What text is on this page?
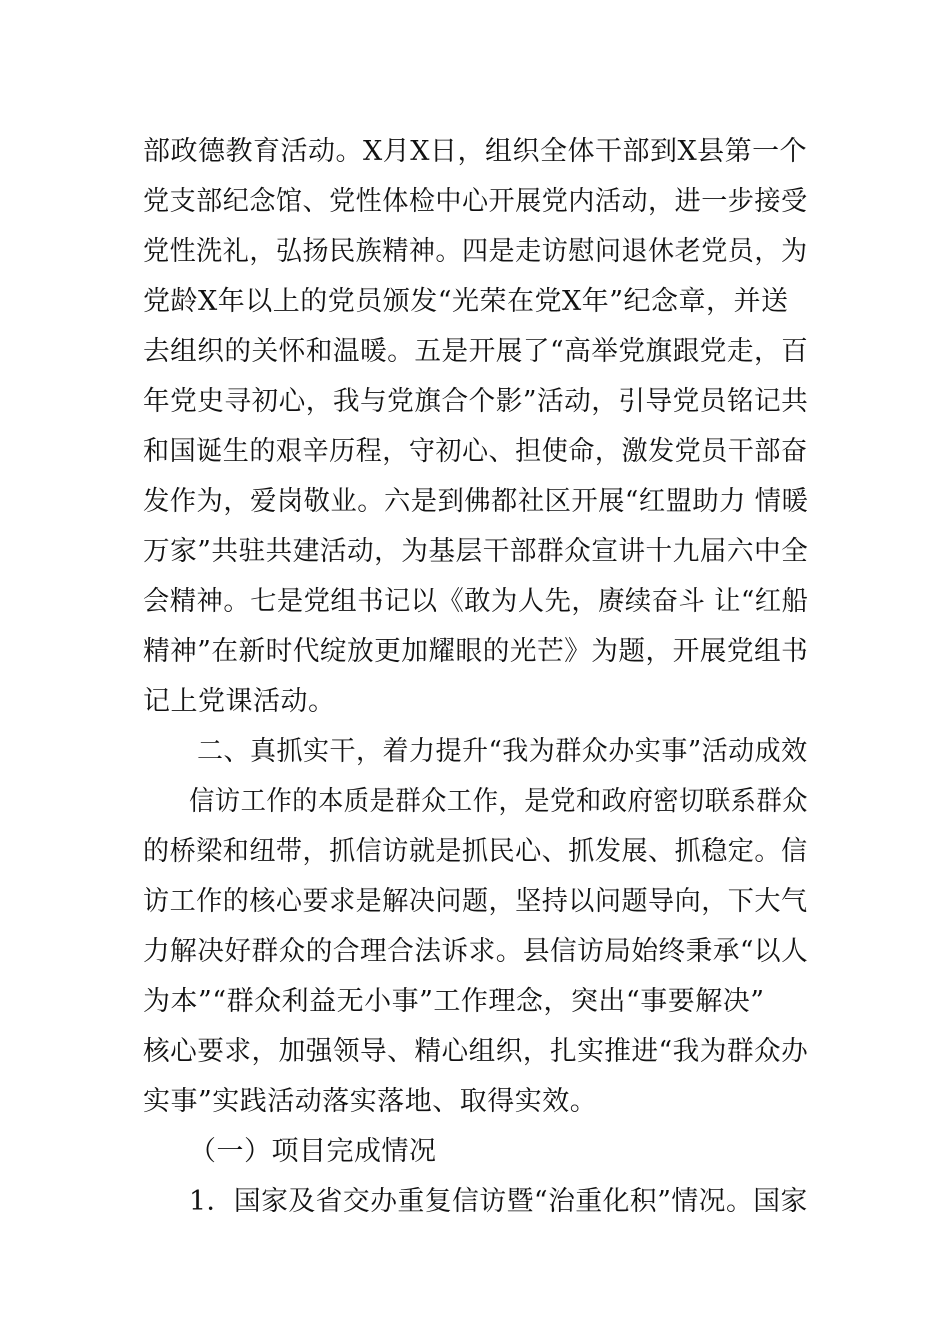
部政德教育活动。X月X日，组织全体干部到X县第一个
党支部纪念馆、党性体检中心开展党内活动，进一步接受
党性洗礼，弘扬民族精神。四是走访慰问退休老党员，为
党龄X年以上的党员颁发“光荣在党X年”纪念章，并送
去组织的关怀和温暖。五是开展了“高举党旗跟党走，百
年党史寻初心，我与党旗合个影”活动，引导党员铭记共
和国诞生的艰辛历程，守初心、担使命，激发党员干部奋
发作为，爱岗敬业。六是到佛都社区开展“红盟助力 情暖
万家”共驻共建活动，为基层干部群众宣讲十九届六中全
会精神。七是党组书记以《敢为人先，赓续奋斗 让“红船
精神”在新时代绽放更加耀眼的光芒》为题，开展党组书
记上党课活动。
二、真抓实干，着力提升“我为群众办实事”活动成效
信访工作的本质是群众工作，是党和政府密切联系群众
的桥梁和纽带，抓信访就是抓民心、抓发展、抓稳定。信
访工作的核心要求是解决问题，坚持以问题导向，下大气
力解决好群众的合理合法诉求。县信访局始终秉承“以人
为本”“群众利益无小事”工作理念，突出“事要解决”
核心要求，加强领导、精心组织，扎实推进“我为群众办
实事”实践活动落实落地、取得实效。
（一）项目完成情况
1．国家及省交办重复信访暨“治重化积”情况。国家
